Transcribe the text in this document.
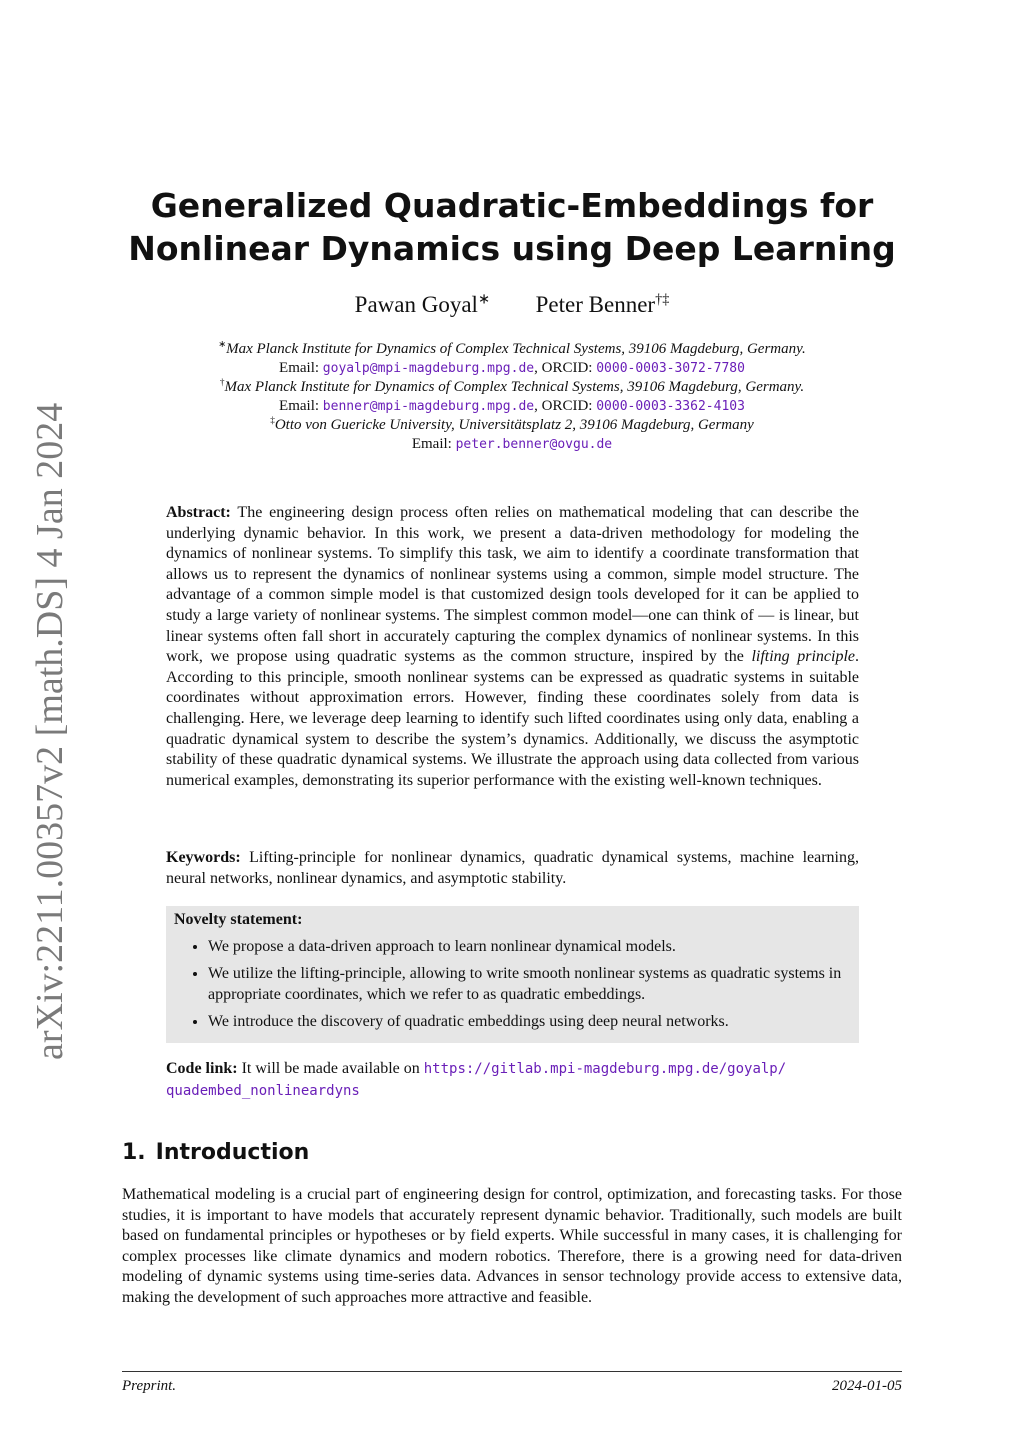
arXiv:2211.00357v2 [math.DS] 4 Jan 2024
Generalized Quadratic-Embeddings for
Nonlinear Dynamics using Deep Learning
Pawan Goyal∗ Peter Benner†‡
∗Max Planck Institute for Dynamics of Complex Technical Systems, 39106 Magdeburg, Germany.
Email: goyalp@mpi-magdeburg.mpg.de, ORCID: 0000-0003-3072-7780
†Max Planck Institute for Dynamics of Complex Technical Systems, 39106 Magdeburg, Germany.
Email: benner@mpi-magdeburg.mpg.de, ORCID: 0000-0003-3362-4103
‡Otto von Guericke University, Universitätsplatz 2, 39106 Magdeburg, Germany
Email: peter.benner@ovgu.de
Abstract: The engineering design process often relies on mathematical modeling that can describe the underlying dynamic behavior. In this work, we present a data-driven methodology for modeling the dynamics of nonlinear systems. To simplify this task, we aim to identify a coordinate transformation that allows us to represent the dynamics of nonlinear systems using a common, simple model structure. The advantage of a common simple model is that customized design tools developed for it can be applied to study a large variety of nonlinear systems. The simplest common model—one can think of — is linear, but linear systems often fall short in accurately capturing the complex dynamics of nonlinear systems. In this work, we propose using quadratic systems as the common structure, inspired by the lifting principle. According to this principle, smooth nonlinear systems can be expressed as quadratic systems in suitable coordinates without approximation errors. However, finding these coordinates solely from data is challenging. Here, we leverage deep learning to identify such lifted coordinates using only data, enabling a quadratic dynamical system to describe the system’s dynamics. Additionally, we discuss the asymptotic stability of these quadratic dynamical systems. We illustrate the approach using data collected from various numerical examples, demonstrating its superior performance with the existing well-known techniques.
Keywords: Lifting-principle for nonlinear dynamics, quadratic dynamical systems, machine learning, neural networks, nonlinear dynamics, and asymptotic stability.
Novelty statement:
• We propose a data-driven approach to learn nonlinear dynamical models.
• We utilize the lifting-principle, allowing to write smooth nonlinear systems as quadratic systems in appropriate coordinates, which we refer to as quadratic embeddings.
• We introduce the discovery of quadratic embeddings using deep neural networks.
Code link: It will be made available on https://gitlab.mpi-magdeburg.mpg.de/goyalp/
quadembed_nonlineardyns
1. Introduction
Mathematical modeling is a crucial part of engineering design for control, optimization, and forecasting tasks. For those studies, it is important to have models that accurately represent dynamic behavior. Traditionally, such models are built based on fundamental principles or hypotheses or by field experts. While successful in many cases, it is challenging for complex processes like climate dynamics and modern robotics. Therefore, there is a growing need for data-driven modeling of dynamic systems using time-series data. Advances in sensor technology provide access to extensive data, making the development of such approaches more attractive and feasible.
Preprint.	2024-01-05
